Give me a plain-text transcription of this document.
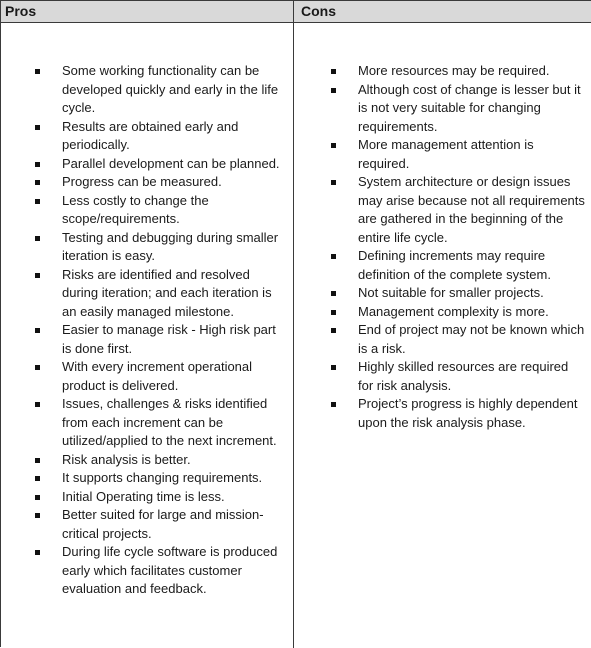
Pros	Cons
Some working functionality can be developed quickly and early in the life cycle.
Results are obtained early and periodically.
Parallel development can be planned.
Progress can be measured.
Less costly to change the scope/requirements.
Testing and debugging during smaller iteration is easy.
Risks are identified and resolved during iteration; and each iteration is an easily managed milestone.
Easier to manage risk - High risk part is done first.
With every increment operational product is delivered.
Issues, challenges & risks identified from each increment can be utilized/applied to the next increment.
Risk analysis is better.
It supports changing requirements.
Initial Operating time is less.
Better suited for large and mission-critical projects.
During life cycle software is produced early which facilitates customer evaluation and feedback.
More resources may be required.
Although cost of change is lesser but it is not very suitable for changing requirements.
More management attention is required.
System architecture or design issues may arise because not all requirements are gathered in the beginning of the entire life cycle.
Defining increments may require definition of the complete system.
Not suitable for smaller projects.
Management complexity is more.
End of project may not be known which is a risk.
Highly skilled resources are required for risk analysis.
Project’s progress is highly dependent upon the risk analysis phase.
